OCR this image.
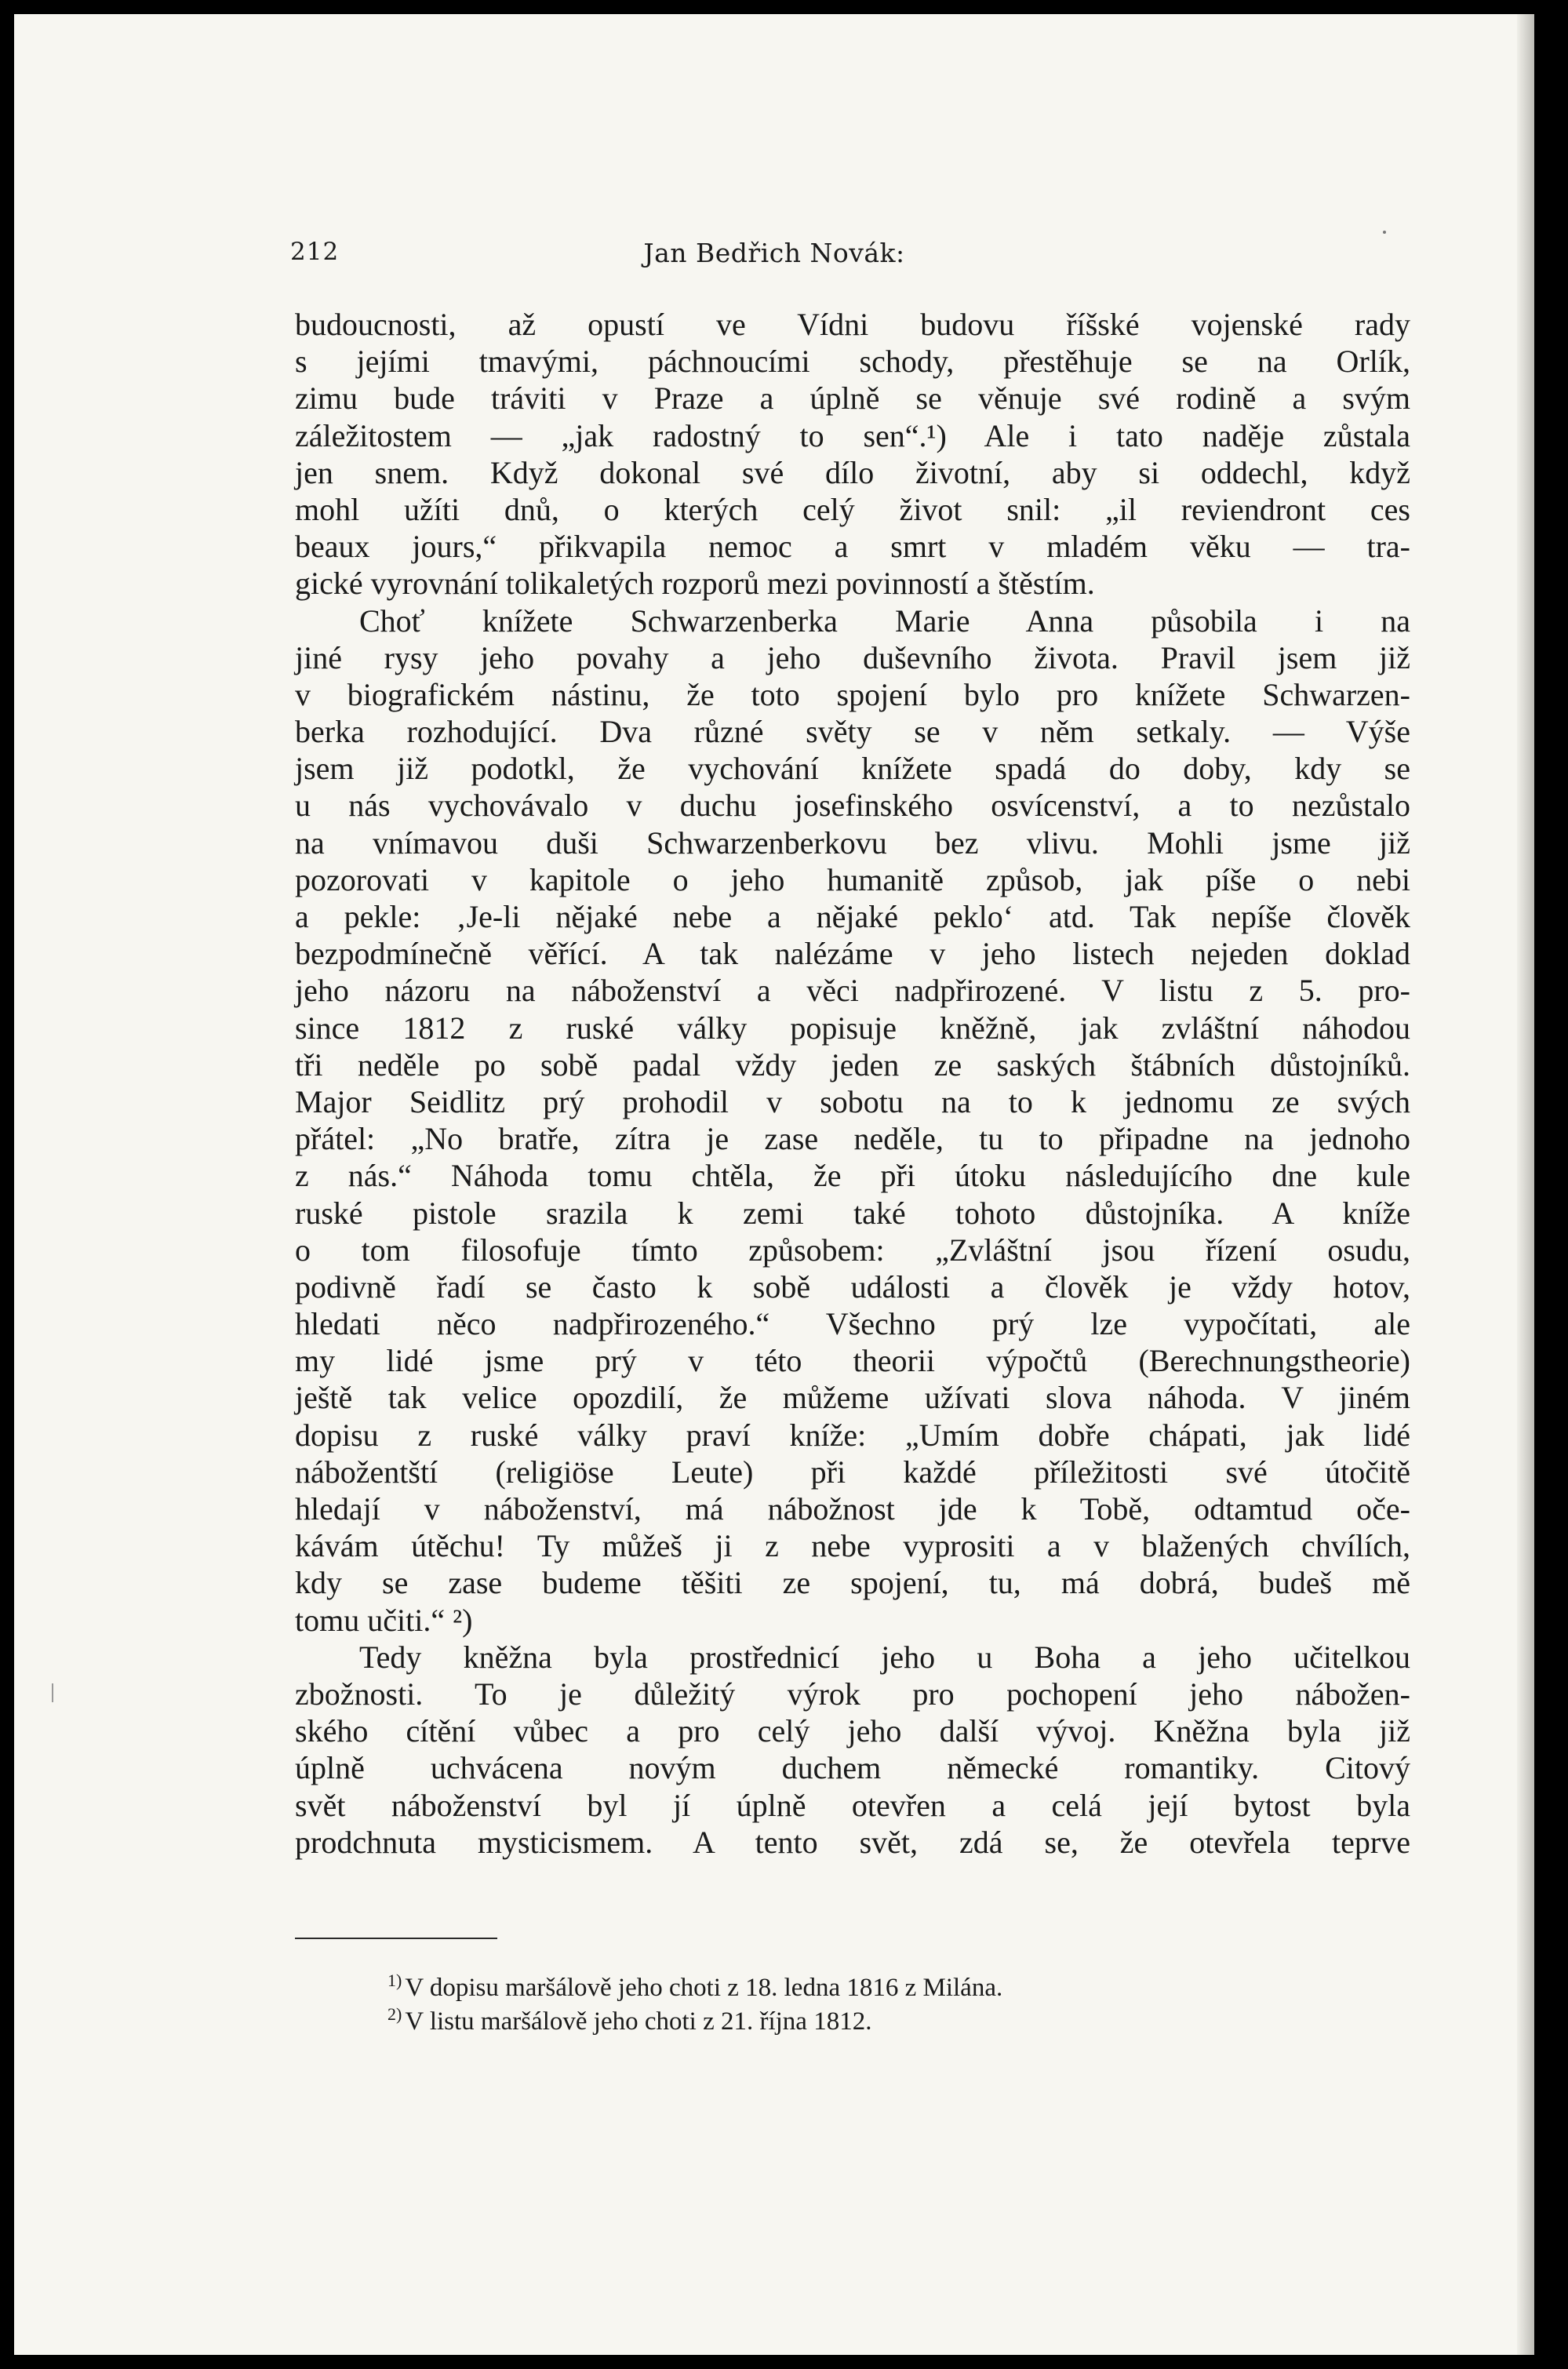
212	Jan Bedřich Novák:
budoucnosti, až opustí ve Vídni budovu říšské vojenské rady
s jejími tmavými, páchnoucími schody, přestěhuje se na Orlík,
zimu bude tráviti v Praze a úplně se věnuje své rodině a svým
záležitostem — „jak radostný to sen“.¹) Ale i tato naděje zůstala
jen snem. Když dokonal své dílo životní, aby si oddechl, když
mohl užíti dnů, o kterých celý život snil: „il reviendront ces
beaux jours,“ přikvapila nemoc a smrt v mladém věku — tra-
gické vyrovnání tolikaletých rozporů mezi povinností a štěstím.
Choť knížete Schwarzenberka Marie Anna působila i na
jiné rysy jeho povahy a jeho duševního života. Pravil jsem již
v biografickém nástinu, že toto spojení bylo pro knížete Schwarzen-
berka rozhodující. Dva různé světy se v něm setkaly. — Výše
jsem již podotkl, že vychování knížete spadá do doby, kdy se
u nás vychovávalo v duchu josefinského osvícenství, a to nezůstalo
na vnímavou duši Schwarzenberkovu bez vlivu. Mohli jsme již
pozorovati v kapitole o jeho humanitě způsob, jak píše o nebi
a pekle: ‚Je-li nějaké nebe a nějaké peklo‘ atd. Tak nepíše člověk
bezpodmínečně věřící. A tak nalézáme v jeho listech nejeden doklad
jeho názoru na náboženství a věci nadpřirozené. V listu z 5. pro-
since 1812 z ruské války popisuje kněžně, jak zvláštní náhodou
tři neděle po sobě padal vždy jeden ze saských štábních důstojníků.
Major Seidlitz prý prohodil v sobotu na to k jednomu ze svých
přátel: „No bratře, zítra je zase neděle, tu to připadne na jednoho
z nás.“ Náhoda tomu chtěla, že při útoku následujícího dne kule
ruské pistole srazila k zemi také tohoto důstojníka. A kníže
o tom filosofuje tímto způsobem: „Zvláštní jsou řízení osudu,
podivně řadí se často k sobě události a člověk je vždy hotov,
hledati něco nadpřirozeného.“ Všechno prý lze vypočítati, ale
my lidé jsme prý v této theorii výpočtů (Berechnungstheorie)
ještě tak velice opozdilí, že můžeme užívati slova náhoda. V jiném
dopisu z ruské války praví kníže: „Umím dobře chápati, jak lidé
nábožentští (religiöse Leute) při každé příležitosti své útočitě
hledají v náboženství, má nábožnost jde k Tobě, odtamtud oče-
kávám útěchu! Ty můžeš ji z nebe vyprositi a v blažených chvílích,
kdy se zase budeme těšiti ze spojení, tu, má dobrá, budeš mě
tomu učiti.“ ²)
Tedy kněžna byla prostřednicí jeho u Boha a jeho učitelkou
zbožnosti. To je důležitý výrok pro pochopení jeho nábožen-
ského cítění vůbec a pro celý jeho další vývoj. Kněžna byla již
úplně uchvácena novým duchem německé romantiky. Citový
svět náboženství byl jí úplně otevřen a celá její bytost byla
prodchnuta mysticismem. A tento svět, zdá se, že otevřela teprve
$^{1)}$ V dopisu maršálově jeho choti z 18. ledna 1816 z Milána.
$^{2)}$ V listu maršálově jeho choti z 21. října 1812.
